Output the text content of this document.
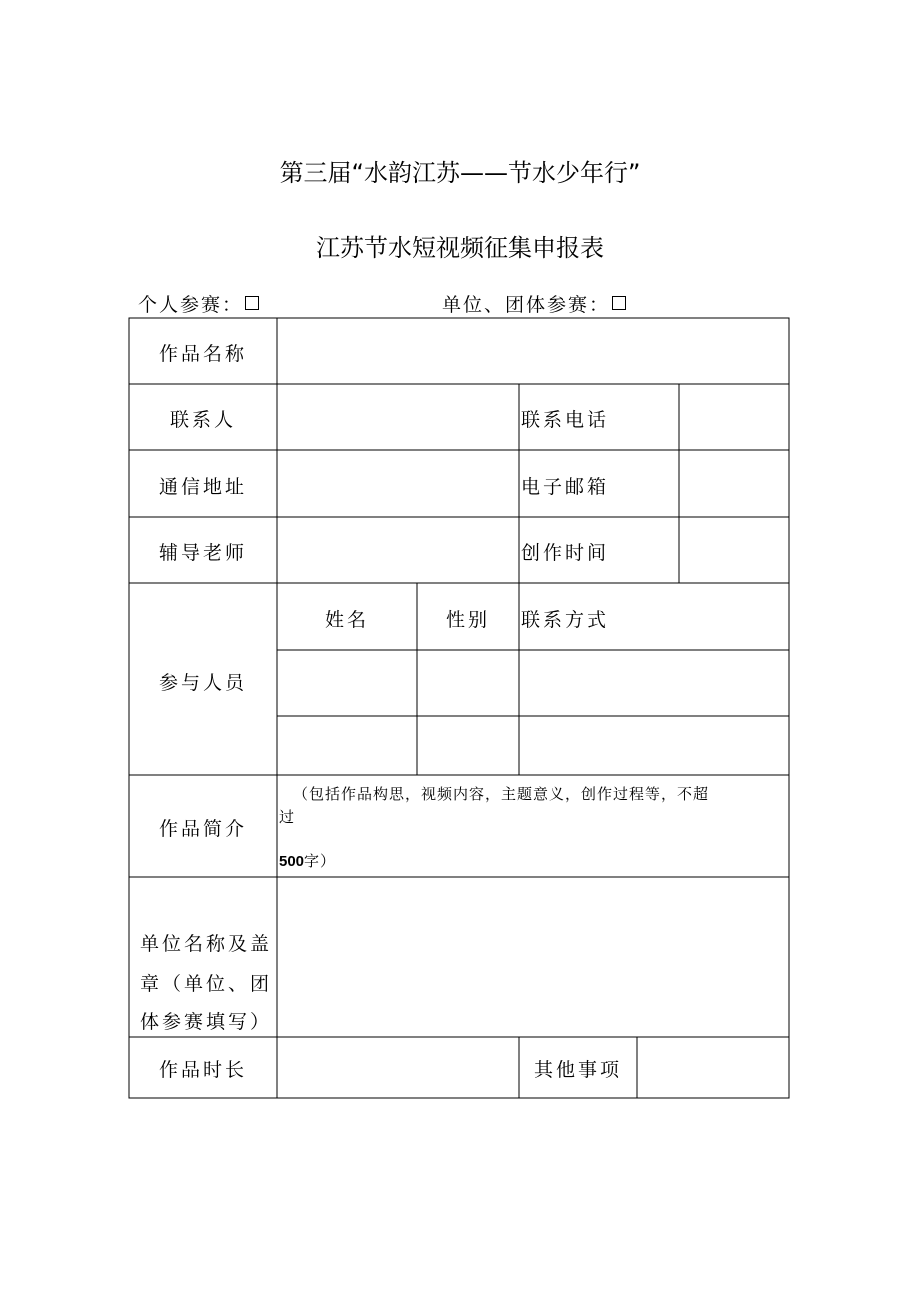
第三届“水韵江苏——节水少年行”
江苏节水短视频征集申报表
个人参赛：	单位、团体参赛：
作品名称
联系人	联系电话
通信地址	电子邮箱
辅导老师	创作时间
参与人员
姓名	性别	联系方式
作品简介
（包括作品构思，视频内容，主题意义，创作过程等，不超
过
500字）
单位名称及盖
章（单位、团
体参赛填写）
作品时长	其他事项
